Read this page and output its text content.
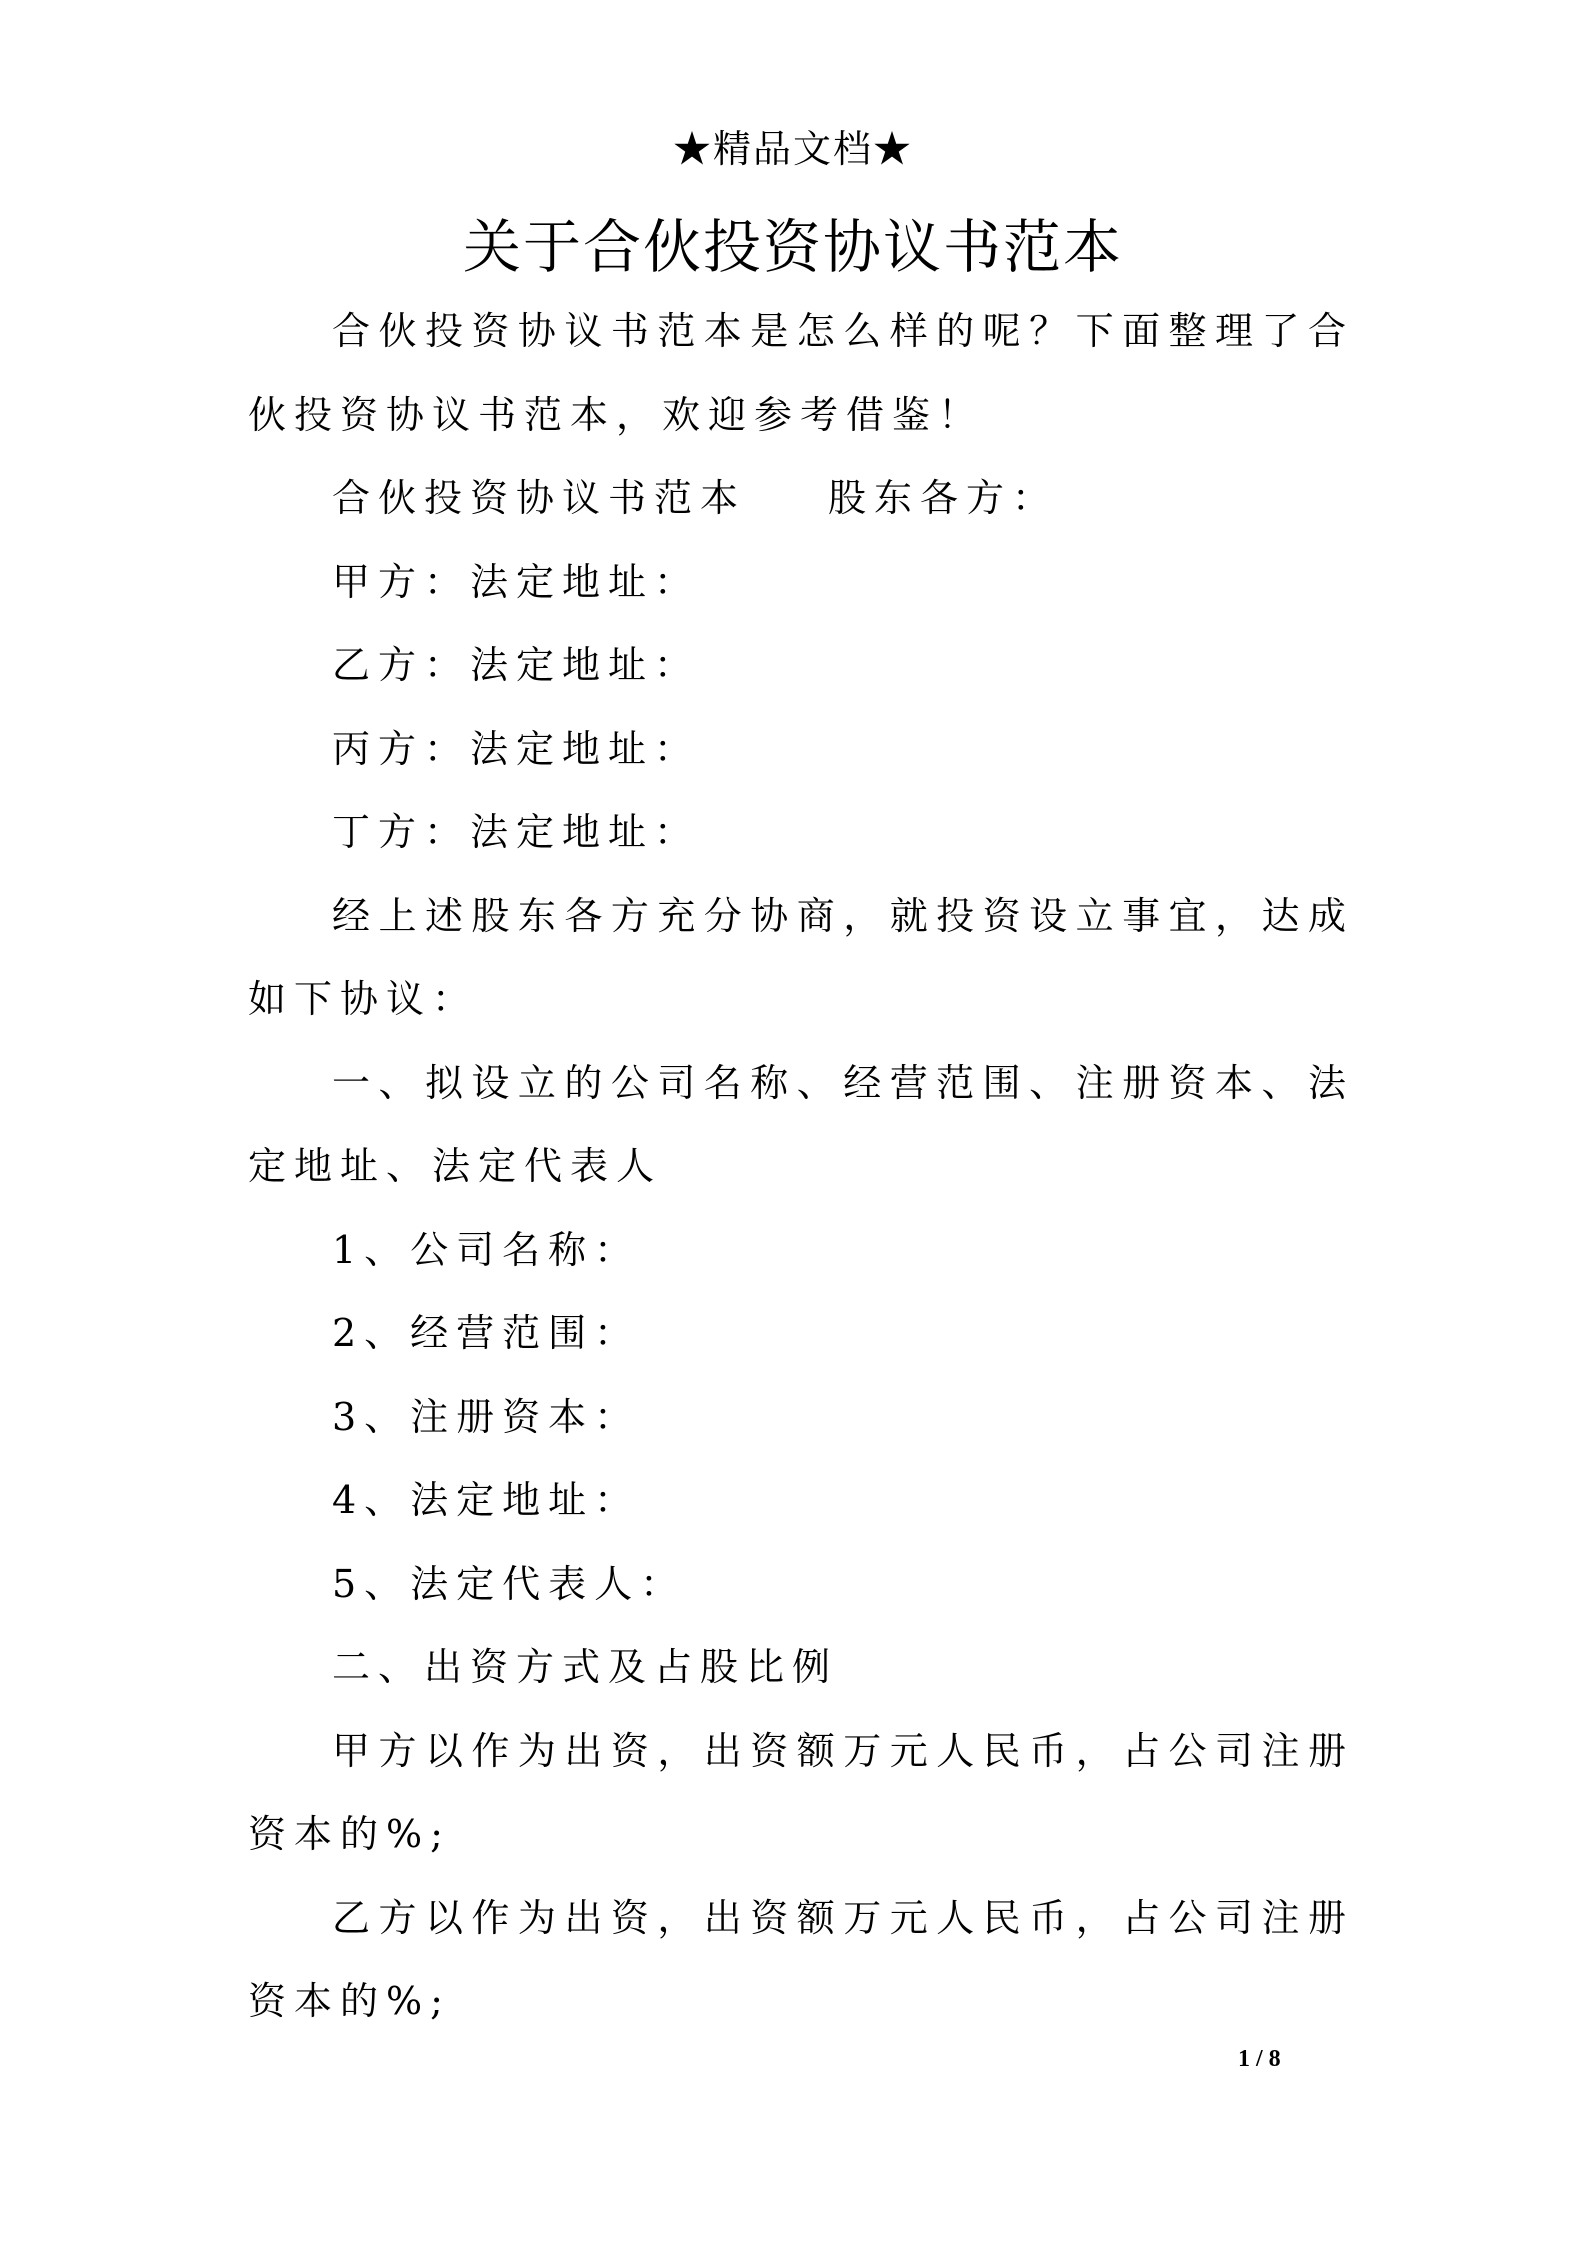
★精品文档★
关于合伙投资协议书范本

合伙投资协议书范本是怎么样的呢？下面整理了合伙投资协议书范本，欢迎参考借鉴！

合伙投资协议书范本 股东各方：

甲方：法定地址：

乙方：法定地址：

丙方：法定地址：

丁方：法定地址：

经上述股东各方充分协商，就投资设立事宜，达成如下协议：

一、拟设立的公司名称、经营范围、注册资本、法定地址、法定代表人

1、公司名称：

2、经营范围：

3、注册资本：

4、法定地址：

5、法定代表人：

二、出资方式及占股比例

甲方以作为出资，出资额万元人民币，占公司注册资本的%;

乙方以作为出资，出资额万元人民币，占公司注册资本的%;

1 / 8
